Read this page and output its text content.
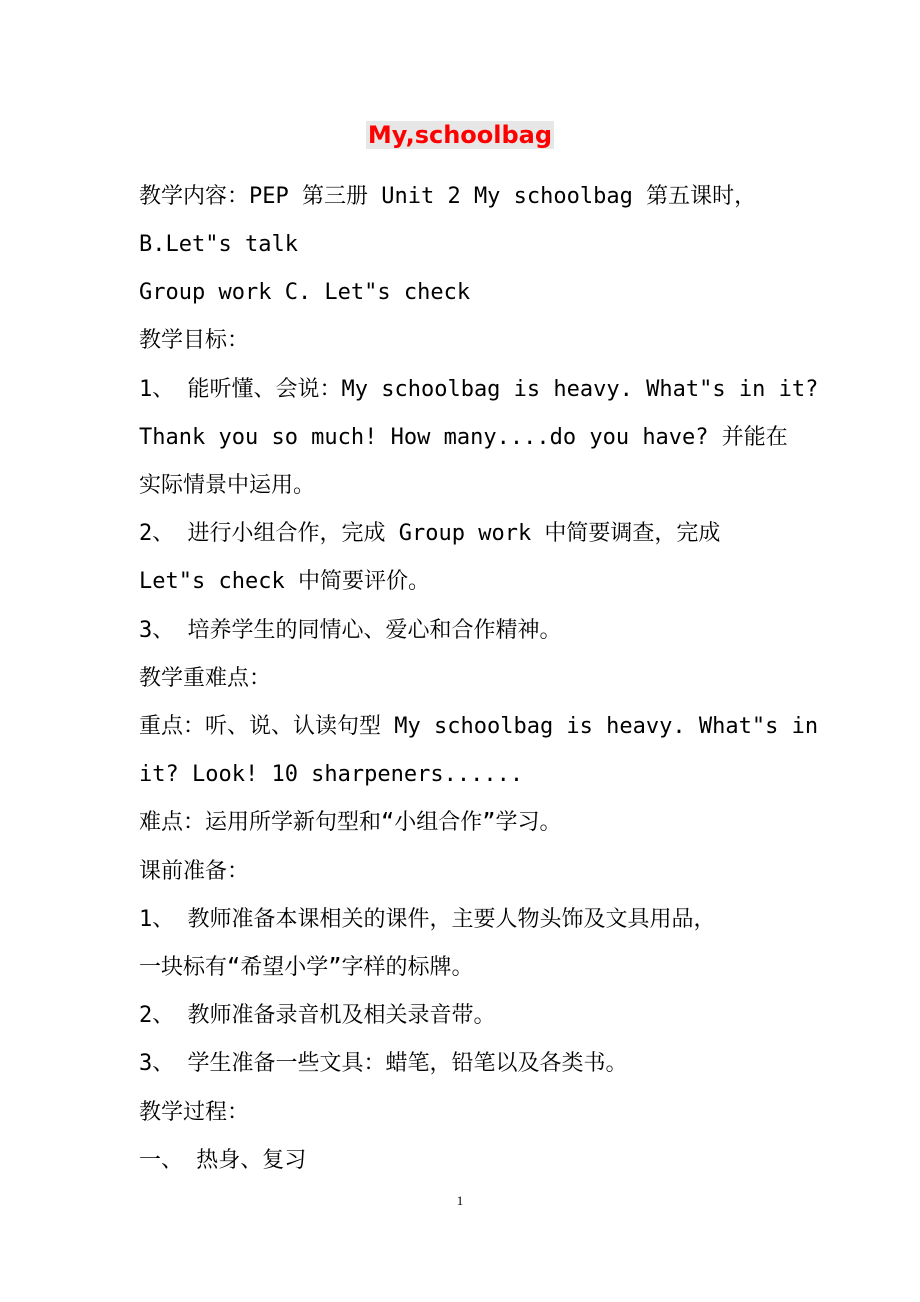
My,schoolbag
教学内容：PEP 第三册 Unit 2 My schoolbag 第五课时，
B.Let"s talk
Group work C. Let"s check
教学目标：
1、 能听懂、会说：My schoolbag is heavy. What"s in it?
Thank you so much! How many....do you have? 并能在
实际情景中运用。
2、 进行小组合作，完成 Group work 中简要调查，完成
Let"s check 中简要评价。
3、 培养学生的同情心、爱心和合作精神。
教学重难点：
重点：听、说、认读句型 My schoolbag is heavy. What"s in
it? Look! 10 sharpeners......
难点：运用所学新句型和“小组合作”学习。
课前准备：
1、 教师准备本课相关的课件，主要人物头饰及文具用品，
一块标有“希望小学”字样的标牌。
2、 教师准备录音机及相关录音带。
3、 学生准备一些文具：蜡笔，铅笔以及各类书。
教学过程：
一、 热身、复习
1
